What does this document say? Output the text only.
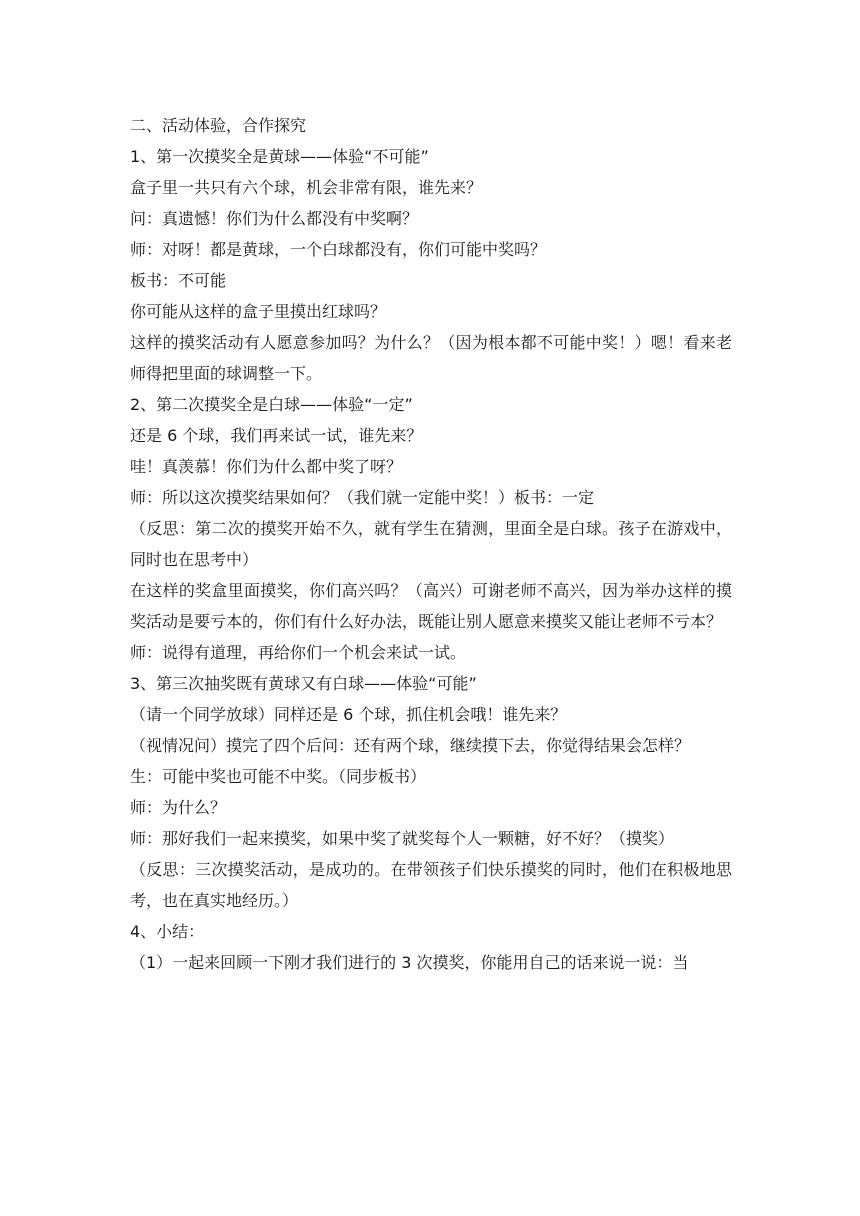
二、活动体验，合作探究

1、第一次摸奖全是黄球——体验“不可能”

盒子里一共只有六个球，机会非常有限，谁先来？

问：真遗憾！你们为什么都没有中奖啊？

师：对呀！都是黄球，一个白球都没有，你们可能中奖吗？

板书：不可能

你可能从这样的盒子里摸出红球吗？

这样的摸奖活动有人愿意参加吗？为什么？（因为根本都不可能中奖！）嗯！看来老师得把里面的球调整一下。

2、第二次摸奖全是白球——体验“一定”

还是 6 个球，我们再来试一试，谁先来？

哇！真羡慕！你们为什么都中奖了呀？

师：所以这次摸奖结果如何？（我们就一定能中奖！）板书：一定

（反思：第二次的摸奖开始不久，就有学生在猜测，里面全是白球。孩子在游戏中，同时也在思考中）

在这样的奖盒里面摸奖，你们高兴吗？（高兴）可谢老师不高兴，因为举办这样的摸奖活动是要亏本的，你们有什么好办法，既能让别人愿意来摸奖又能让老师不亏本？

师：说得有道理，再给你们一个机会来试一试。

3、第三次抽奖既有黄球又有白球——体验“可能”

（请一个同学放球）同样还是 6 个球，抓住机会哦！谁先来？

（视情况问）摸完了四个后问：还有两个球，继续摸下去，你觉得结果会怎样？

生：可能中奖也可能不中奖。（同步板书）

师：为什么？

师：那好我们一起来摸奖，如果中奖了就奖每个人一颗糖，好不好？（摸奖）

（反思：三次摸奖活动，是成功的。在带领孩子们快乐摸奖的同时，他们在积极地思考，也在真实地经历。）

4、小结：

（1）一起来回顾一下刚才我们进行的 3 次摸奖，你能用自己的话来说一说：当
